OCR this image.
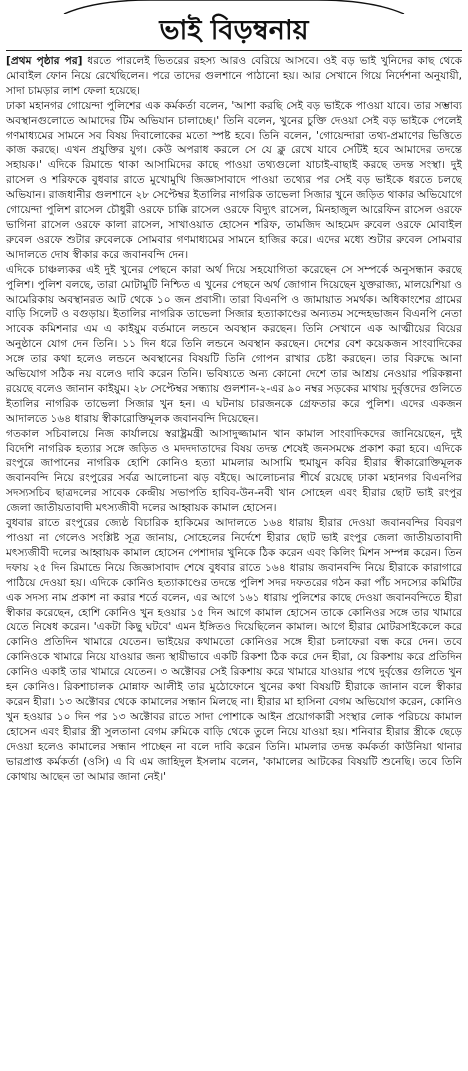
ভাই বিড়ম্বনায়

[প্রথম পৃষ্ঠার পর] ধরতে পারলেই ভিতরের রহস্য আরও বেরিয়ে আসবে। ওই বড় ভাই খুনিদের কাছ থেকে মোবাইল ফোন নিয়ে রেখেছিলেন। পরে তাদের গুলশানে পাঠানো হয়। আর সেখানে গিয়ে নির্দেশনা অনুযায়ী, সাদা চামড়ার লাশ ফেলা হয়েছে।

ঢাকা মহানগর গোয়েন্দা পুলিশের এক কর্মকর্তা বলেন, 'আশা করছি সেই বড় ভাইকে পাওয়া যাবে। তার সম্ভাব্য অবস্থানগুলোতে আমাদের টিম অভিযান চালাচ্ছে।' তিনি বলেন, খুনের চুক্তি দেওয়া সেই বড় ভাইকে পেলেই গণমাধ্যমের সামনে সব বিষয় দিবালোকের মতো স্পষ্ট হবে। তিনি বলেন, 'গোয়েন্দারা তথ্য-প্রমাণের ভিত্তিতে কাজ করছে। এখন প্রযুক্তির যুগ। কেউ অপরাধ করলে সে যে ক্লু রেখে যাবে সেটিই হবে আমাদের তদন্তে সহায়ক।' এদিকে রিমান্ডে থাকা আসামিদের কাছে পাওয়া তথ্যগুলো যাচাই-বাছাই করছে তদন্ত সংস্থা। দুই রাসেল ও শরিফকে বুধবার রাতে মুখোমুখি জিজ্ঞাসাবাদে পাওয়া তথ্যের পর সেই বড় ভাইকে ধরতে চলছে অভিযান। রাজধানীর গুলশানে ২৮ সেপ্টেম্বর ইতালির নাগরিক তাভেলা সিজার খুনে জড়িত থাকার অভিযোগে গোয়েন্দা পুলিশ রাসেল চৌধুরী ওরফে চাক্কি রাসেল ওরফে বিদ্যুৎ রাসেল, মিনহাজুল আরেফিন রাসেল ওরফে ভাগিনা রাসেল ওরফে কালা রাসেল, সাখাওয়াত হোসেন শরিফ, তামজিদ আহমেদ রুবেল ওরফে মোবাইল রুবেল ওরফে শুটার রুবেলকে সোমবার গণমাধ্যমের সামনে হাজির করে। এদের মধ্যে শুটার রুবেল সোমবার আদালতে দোষ স্বীকার করে জবানবন্দি দেন।

এদিকে চাঞ্চল্যকর এই দুই খুনের পেছনে কারা অর্থ দিয়ে সহযোগিতা করেছেন সে সম্পর্কে অনুসন্ধান করছে পুলিশ। পুলিশ বলছে, তারা মোটামুটি নিশ্চিত এ খুনের পেছনে অর্থ জোগান দিয়েছেন যুক্তরাজ্য, মালয়েশিয়া ও আমেরিকায় অবস্থানরত আট থেকে ১০ জন প্রবাসী। তারা বিএনপি ও জামায়াত সমর্থক। অধিকাংশের গ্রামের বাড়ি সিলেট ও বগুড়ায়। ইতালির নাগরিক তাভেলা সিজার হত্যাকাণ্ডের অন্যতম সন্দেহভাজন বিএনপি নেতা সাবেক কমিশনার এম এ কাইয়ুম বর্তমানে লন্ডনে অবস্থান করছেন। তিনি সেখানে এক আত্মীয়ের বিয়ের অনুষ্ঠানে যোগ দেন তিনি। ১১ দিন ধরে তিনি লন্ডনে অবস্থান করছেন। দেশের বেশ কয়েকজন সাংবাদিকের সঙ্গে তার কথা হলেও লন্ডনে অবস্থানের বিষয়টি তিনি গোপন রাখার চেষ্টা করছেন। তার বিরুদ্ধে আনা অভিযোগ সঠিক নয় বলেও দাবি করেন তিনি। ভবিষ্যতে অন্য কোনো দেশে তার আশ্রয় নেওয়ার পরিকল্পনা রয়েছে বলেও জানান কাইয়ুম। ২৮ সেপ্টেম্বর সন্ধ্যায় গুলশান-২-এর ৯০ নম্বর সড়কের মাথায় দুর্বৃত্তদের গুলিতে ইতালির নাগরিক তাভেলা সিজার খুন হন। এ ঘটনায় চারজনকে গ্রেফতার করে পুলিশ। এদের একজন আদালতে ১৬৪ ধারায় স্বীকারোক্তিমূলক জবানবন্দি দিয়েছেন।

গতকাল সচিবালয়ে নিজ কার্যালয়ে স্বরাষ্ট্রমন্ত্রী আসাদুজ্জামান খান কামাল সাংবাদিকদের জানিয়েছেন, দুই বিদেশি নাগরিক হত্যার সঙ্গে জড়িত ও মদদদাতাদের বিষয় তদন্ত শেষেই জনসমক্ষে প্রকাশ করা হবে। এদিকে রংপুরে জাপানের নাগরিক হোশি কোনিও হত্যা মামলার আসামি হুমায়ুন কবির হীরার স্বীকারোক্তিমূলক জবানবন্দি নিয়ে রংপুরের সর্বত্র আলোচনা ঝড় বইছে। আলোচনার শীর্ষে রয়েছে ঢাকা মহানগর বিএনপির সদস্যসচিব ছাত্রদলের সাবেক কেন্দ্রীয় সভাপতি হাবিব-উন-নবী খান সোহেল এবং হীরার ছোট ভাই রংপুর জেলা জাতীয়তাবাদী মৎস্যজীবী দলের আহ্বায়ক কামাল হোসেন।

বুধবার রাতে রংপুরের জ্যেষ্ঠ বিচারিক হাকিমের আদালতে ১৬৪ ধারায় হীরার দেওয়া জবানবন্দির বিবরণ পাওয়া না গেলেও সংশ্লিষ্ট সূত্র জানায়, সোহেলের নির্দেশে হীরার ছোট ভাই রংপুর জেলা জাতীয়তাবাদী মৎস্যজীবী দলের আহ্বায়ক কামাল হোসেন পেশাদার খুনিকে ঠিক করেন এবং কিলিং মিশন সম্পন্ন করেন। তিন দফায় ২৫ দিন রিমান্ডে নিয়ে জিজ্ঞাসাবাদ শেষে বুধবার রাতে ১৬৪ ধারায় জবানবন্দি নিয়ে হীরাকে কারাগারে পাঠিয়ে দেওয়া হয়। এদিকে কোনিও হত্যাকাণ্ডের তদন্তে পুলিশ সদর দফতরের গঠন করা পাঁচ সদস্যের কমিটির এক সদস্য নাম প্রকাশ না করার শর্তে বলেন, এর আগে ১৬১ ধারায় পুলিশের কাছে দেওয়া জবানবন্দিতে হীরা স্বীকার করেছেন, হোশি কোনিও খুন হওয়ার ১৫ দিন আগে কামাল হোসেন তাকে কোনিওর সঙ্গে তার খামারে যেতে নিষেধ করেন। 'একটা কিছু ঘটবে' এমন ইঙ্গিতও দিয়েছিলেন কামাল। আগে হীরার মোটরসাইকেলে করে কোনিও প্রতিদিন খামারে যেতেন। ভাইয়ের কথামতো কোনিওর সঙ্গে হীরা চলাফেরা বন্ধ করে দেন। তবে কোনিওকে খামারে নিয়ে যাওয়ার জন্য স্থায়ীভাবে একটি রিকশা ঠিক করে দেন হীরা, যে রিকশায় করে প্রতিদিন কোনিও একাই তার খামারে যেতেন। ৩ অক্টোবর সেই রিকশায় করে খামারে যাওয়ার পথে দুর্বৃত্তের গুলিতে খুন হন কোনিও। রিকশাচালক মোন্নাফ আলীই তার মুঠোফোনে খুনের কথা বিষয়টি হীরাকে জানান বলে স্বীকার করেন হীরা। ১৩ অক্টোবর থেকে কামালের সন্ধান মিলছে না। হীরার মা হাসিনা বেগম অভিযোগ করেন, কোনিও খুন হওয়ার ১০ দিন পর ১৩ অক্টোবর রাতে সাদা পোশাকে আইন প্রয়োগকারী সংস্থার লোক পরিচয়ে কামাল হোসেন এবং হীরার স্ত্রী সুলতানা বেগম রুমিকে বাড়ি থেকে তুলে নিয়ে যাওয়া হয়। শনিবার হীরার স্ত্রীকে ছেড়ে দেওয়া হলেও কামালের সন্ধান পাচ্ছেন না বলে দাবি করেন তিনি। মামলার তদন্ত কর্মকর্তা কাউনিয়া থানার ভারপ্রাপ্ত কর্মকর্তা (ওসি) এ বি এম জাহিদুল ইসলাম বলেন, 'কামালের আটকের বিষয়টি শুনেছি। তবে তিনি কোথায় আছেন তা আমার জানা নেই।'
